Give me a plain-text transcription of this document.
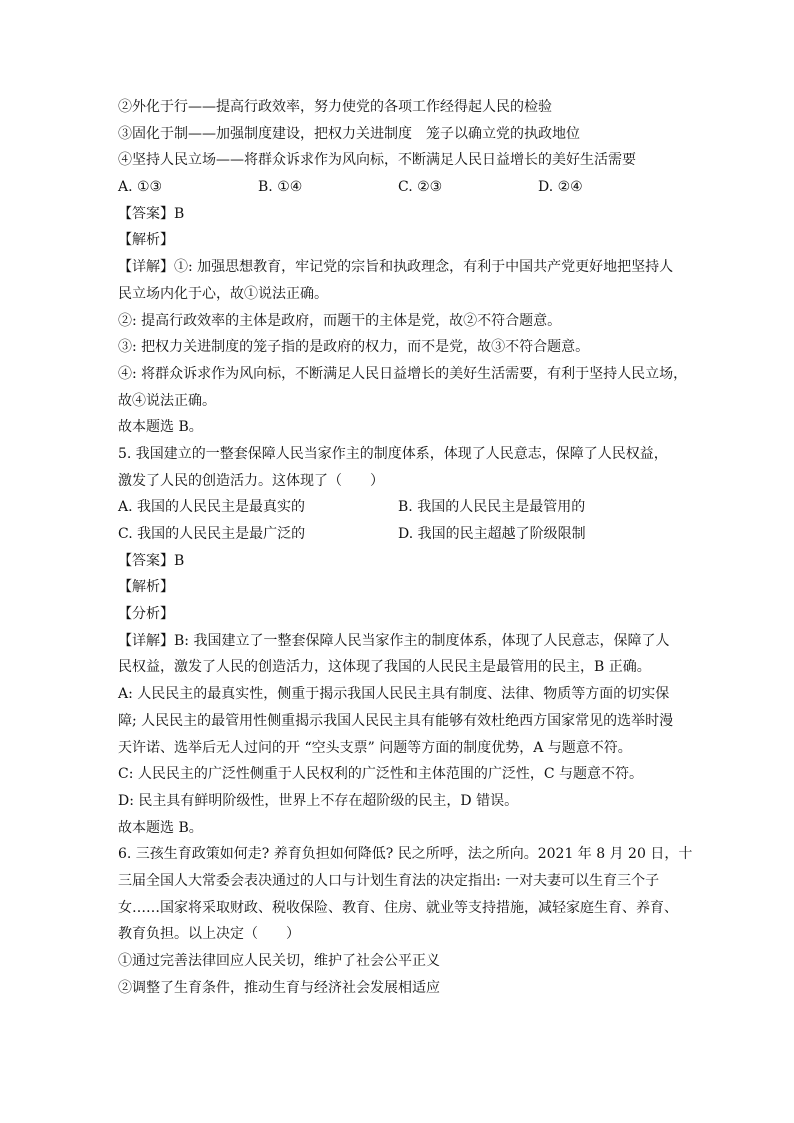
②外化于行——提高行政效率，努力使党的各项工作经得起人民的检验
③固化于制——加强制度建设，把权力关进制度　笼子以确立党的执政地位
④坚持人民立场——将群众诉求作为风向标，不断满足人民日益增长的美好生活需要
A. ①③	B. ①④	C. ②③	D. ②④
【答案】B
【解析】
【详解】①: 加强思想教育，牢记党的宗旨和执政理念，有利于中国共产党更好地把坚持人
民立场内化于心，故①说法正确。
②: 提高行政效率的主体是政府，而题干的主体是党，故②不符合题意。
③: 把权力关进制度的笼子指的是政府的权力，而不是党，故③不符合题意。
④: 将群众诉求作为风向标，不断满足人民日益增长的美好生活需要，有利于坚持人民立场，
故④说法正确。
故本题选 B。
5. 我国建立的一整套保障人民当家作主的制度体系，体现了人民意志，保障了人民权益，
激发了人民的创造活力。这体现了（　　）
A. 我国的人民民主是最真实的	B. 我国的人民民主是最管用的
C. 我国的人民民主是最广泛的	D. 我国的民主超越了阶级限制
【答案】B
【解析】
【分析】
【详解】B: 我国建立了一整套保障人民当家作主的制度体系，体现了人民意志，保障了人
民权益，激发了人民的创造活力，这体现了我国的人民民主是最管用的民主，B 正确。
A: 人民民主的最真实性，侧重于揭示我国人民民主具有制度、法律、物质等方面的切实保
障; 人民民主的最管用性侧重揭示我国人民民主具有能够有效杜绝西方国家常见的选举时漫
天许诺、选举后无人过问的开 “空头支票” 问题等方面的制度优势，A 与题意不符。
C: 人民民主的广泛性侧重于人民权利的广泛性和主体范围的广泛性，C 与题意不符。
D: 民主具有鲜明阶级性，世界上不存在超阶级的民主，D 错误。
故本题选 B。
6. 三孩生育政策如何走? 养育负担如何降低? 民之所呼，法之所向。2021 年 8 月 20 日，十
三届全国人大常委会表决通过的人口与计划生育法的决定指出: 一对夫妻可以生育三个子
女……国家将采取财政、税收保险、教育、住房、就业等支持措施，减轻家庭生育、养育、
教育负担。以上决定（　　）
①通过完善法律回应人民关切，维护了社会公平正义
②调整了生育条件，推动生育与经济社会发展相适应
